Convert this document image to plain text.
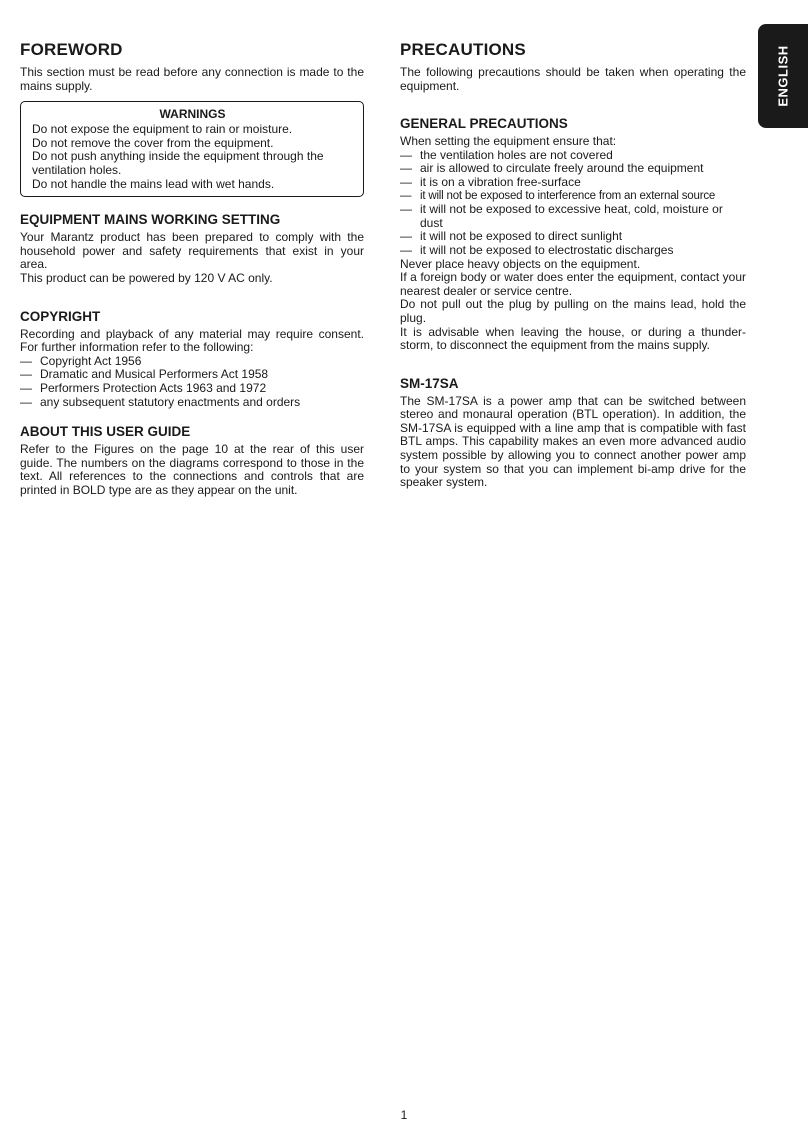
ENGLISH
FOREWORD

This section must be read before any connection is made to the mains supply.

WARNINGS
Do not expose the equipment to rain or moisture.
Do not remove the cover from the equipment.
Do not push anything inside the equipment through the ventilation holes.
Do not handle the mains lead with wet hands.
EQUIPMENT MAINS WORKING SETTING

Your Marantz product has been prepared to comply with the household power and safety requirements that exist in your area.

This product can be powered by 120 V AC only.

COPYRIGHT

Recording and playback of any material may require consent. For further information refer to the following:

— Copyright Act 1956
— Dramatic and Musical Performers Act 1958
— Performers Protection Acts 1963 and 1972
— any subsequent statutory enactments and orders
ABOUT THIS USER GUIDE

Refer to the Figures on the page 10 at the rear of this user guide. The numbers on the diagrams correspond to those in the text. All references to the connections and controls that are printed in BOLD type are as they appear on the unit.

PRECAUTIONS

The following precautions should be taken when operating the equipment.

GENERAL PRECAUTIONS

When setting the equipment ensure that:

— the ventilation holes are not covered
— air is allowed to circulate freely around the equipment
— it is on a vibration free-surface
— it will not be exposed to interference from an external source
— it will not be exposed to excessive heat, cold, moisture or dust
— it will not be exposed to direct sunlight
— it will not be exposed to electrostatic discharges

Never place heavy objects on the equipment.

If a foreign body or water does enter the equipment, contact your nearest dealer or service centre.

Do not pull out the plug by pulling on the mains lead, hold the plug.

It is advisable when leaving the house, or during a thunder-storm, to disconnect the equipment from the mains supply.

SM-17SA

The SM-17SA is a power amp that can be switched between stereo and monaural operation (BTL operation). In addition, the SM-17SA is equipped with a line amp that is compatible with fast BTL amps. This capability makes an even more advanced audio system possible by allowing you to connect another power amp to your system so that you can implement bi-amp drive for the speaker system.

1
